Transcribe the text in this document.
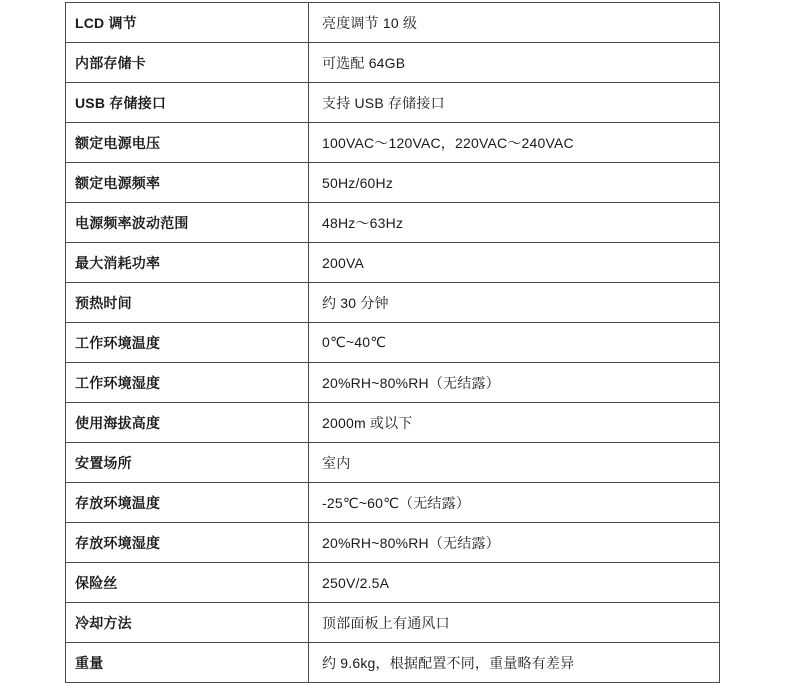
LCD 调节	亮度调节 10 级
内部存储卡	可选配 64GB
USB 存储接口	支持 USB 存储接口
额定电源电压	100VAC～120VAC，220VAC～240VAC
额定电源频率	50Hz/60Hz
电源频率波动范围	48Hz～63Hz
最大消耗功率	200VA
预热时间	约 30 分钟
工作环境温度	0℃~40℃
工作环境湿度	20%RH~80%RH（无结露）
使用海拔高度	2000m 或以下
安置场所	室内
存放环境温度	-25℃~60℃（无结露）
存放环境湿度	20%RH~80%RH（无结露）
保险丝	250V/2.5A
冷却方法	顶部面板上有通风口
重量	约 9.6kg，根据配置不同，重量略有差异
